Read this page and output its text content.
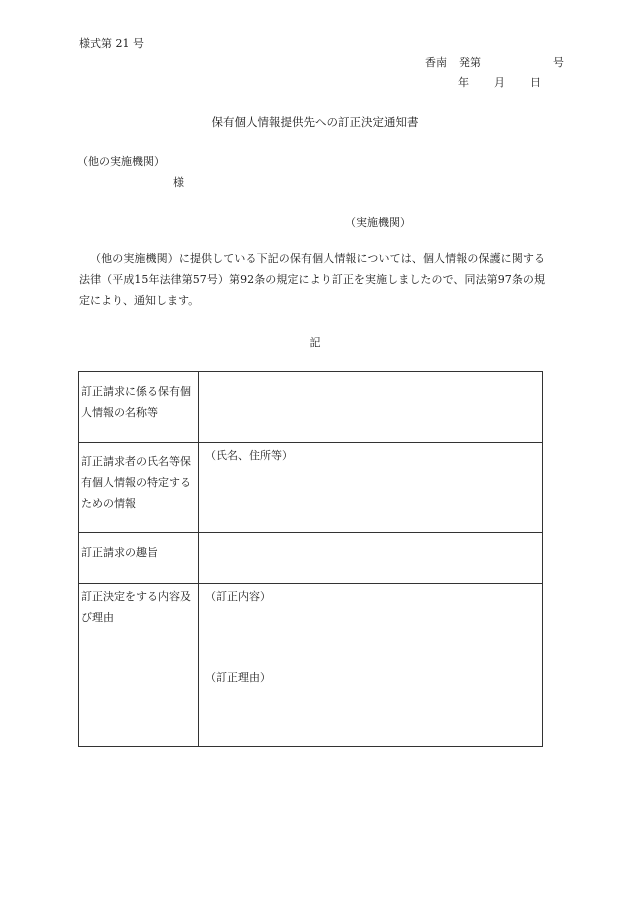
様式第 21 号
香南 発第	号
年 月 日
保有個人情報提供先への訂正決定通知書
（他の実施機関）
様
（実施機関）
（他の実施機関）に提供している下記の保有個人情報については、個人情報の保護に関する法律（平成15年法律第57号）第92条の規定により訂正を実施しましたので、同法第97条の規定により、通知します。
記
訂正請求に係る保有個人情報の名称等	
訂正請求者の氏名等保有個人情報の特定するための情報	（氏名、住所等）
訂正請求の趣旨	
訂正決定をする内容及び理由	（訂正内容）
（訂正理由）
